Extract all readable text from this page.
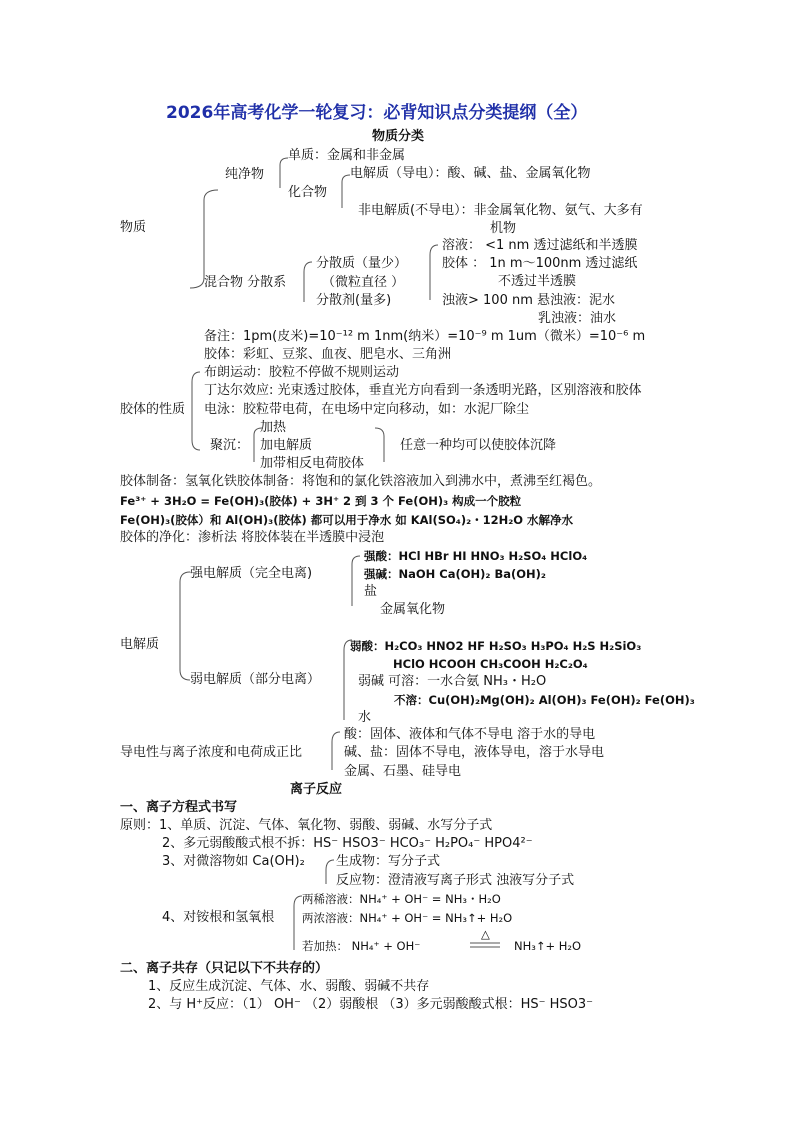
2026年高考化学一轮复习：必背知识点分类提纲（全）
物质分类
物质
纯净物
单质：金属和非金属
化合物
电解质（导电）：酸、碱、盐、金属氧化物
非电解质(不导电）：非金属氧化物、氨气、大多有
机物
混合物 分散系
分散质（量少）
（微粒直径 ）
分散剂(量多)
溶液： <1 nm 透过滤纸和半透膜
胶体 ： 1n m～100nm 透过滤纸
不透过半透膜
浊液> 100 nm 悬浊液：泥水
乳浊液：油水
备注：1pm(皮米)=10⁻¹² m 1nm(纳米）=10⁻⁹ m 1um（微米）=10⁻⁶ m
胶体：彩虹、豆浆、血夜、肥皂水、三角洲
胶体的性质
布朗运动：胶粒不停做不规则运动
丁达尔效应: 光束透过胶体，垂直光方向看到一条透明光路，区别溶液和胶体
电泳：胶粒带电荷，在电场中定向移动，如：水泥厂除尘
聚沉：
加热
加电解质
加带相反电荷胶体
任意一种均可以使胶体沉降
胶体制备：氢氧化铁胶体制备：将饱和的氯化铁溶液加入到沸水中，煮沸至红褐色。
Fe³⁺ + 3H₂O = Fe(OH)₃(胶体) + 3H⁺ 2 到 3 个 Fe(OH)₃ 构成一个胶粒
Fe(OH)₃(胶体）和 Al(OH)₃(胶体) 都可以用于净水 如 KAl(SO₄)₂・12H₂O 水解净水
胶体的净化：渗析法 将胶体装在半透膜中浸泡
电解质
强电解质（完全电离)
强酸：HCl HBr HI HNO₃ H₂SO₄ HClO₄
强碱：NaOH Ca(OH)₂ Ba(OH)₂
盐
金属氧化物
弱电解质（部分电离）
弱酸：H₂CO₃ HNO2 HF H₂SO₃ H₃PO₄ H₂S H₂SiO₃
HClO HCOOH CH₃COOH H₂C₂O₄
弱碱 可溶：一水合氨 NH₃・H₂O
不溶：Cu(OH)₂Mg(OH)₂ Al(OH)₃ Fe(OH)₂ Fe(OH)₃
水
导电性与离子浓度和电荷成正比
酸：固体、液体和气体不导电 溶于水的导电
碱、盐：固体不导电，液体导电，溶于水导电
金属、石墨、硅导电
离子反应
一、离子方程式书写
原则：1、单质、沉淀、气体、氧化物、弱酸、弱碱、水写分子式
2、多元弱酸酸式根不拆：HS⁻ HSO3⁻ HCO₃⁻ H₂PO₄⁻ HPO4²⁻
3、对微溶物如 Ca(OH)₂ 生成物：写分子式
反应物：澄清液写离子形式 浊液写分子式
4、对铵根和氢氧根
两稀溶液：NH₄⁺ + OH⁻ = NH₃・H₂O
两浓溶液：NH₄⁺ + OH⁻ = NH₃↑+ H₂O
若加热： NH₄⁺ + OH⁻
△
NH₃↑+ H₂O
二、离子共存（只记以下不共存的）
1、反应生成沉淀、气体、水、弱酸、弱碱不共存
2、与 H⁺反应：（1） OH⁻ （2）弱酸根 （3）多元弱酸酸式根：HS⁻ HSO3⁻
